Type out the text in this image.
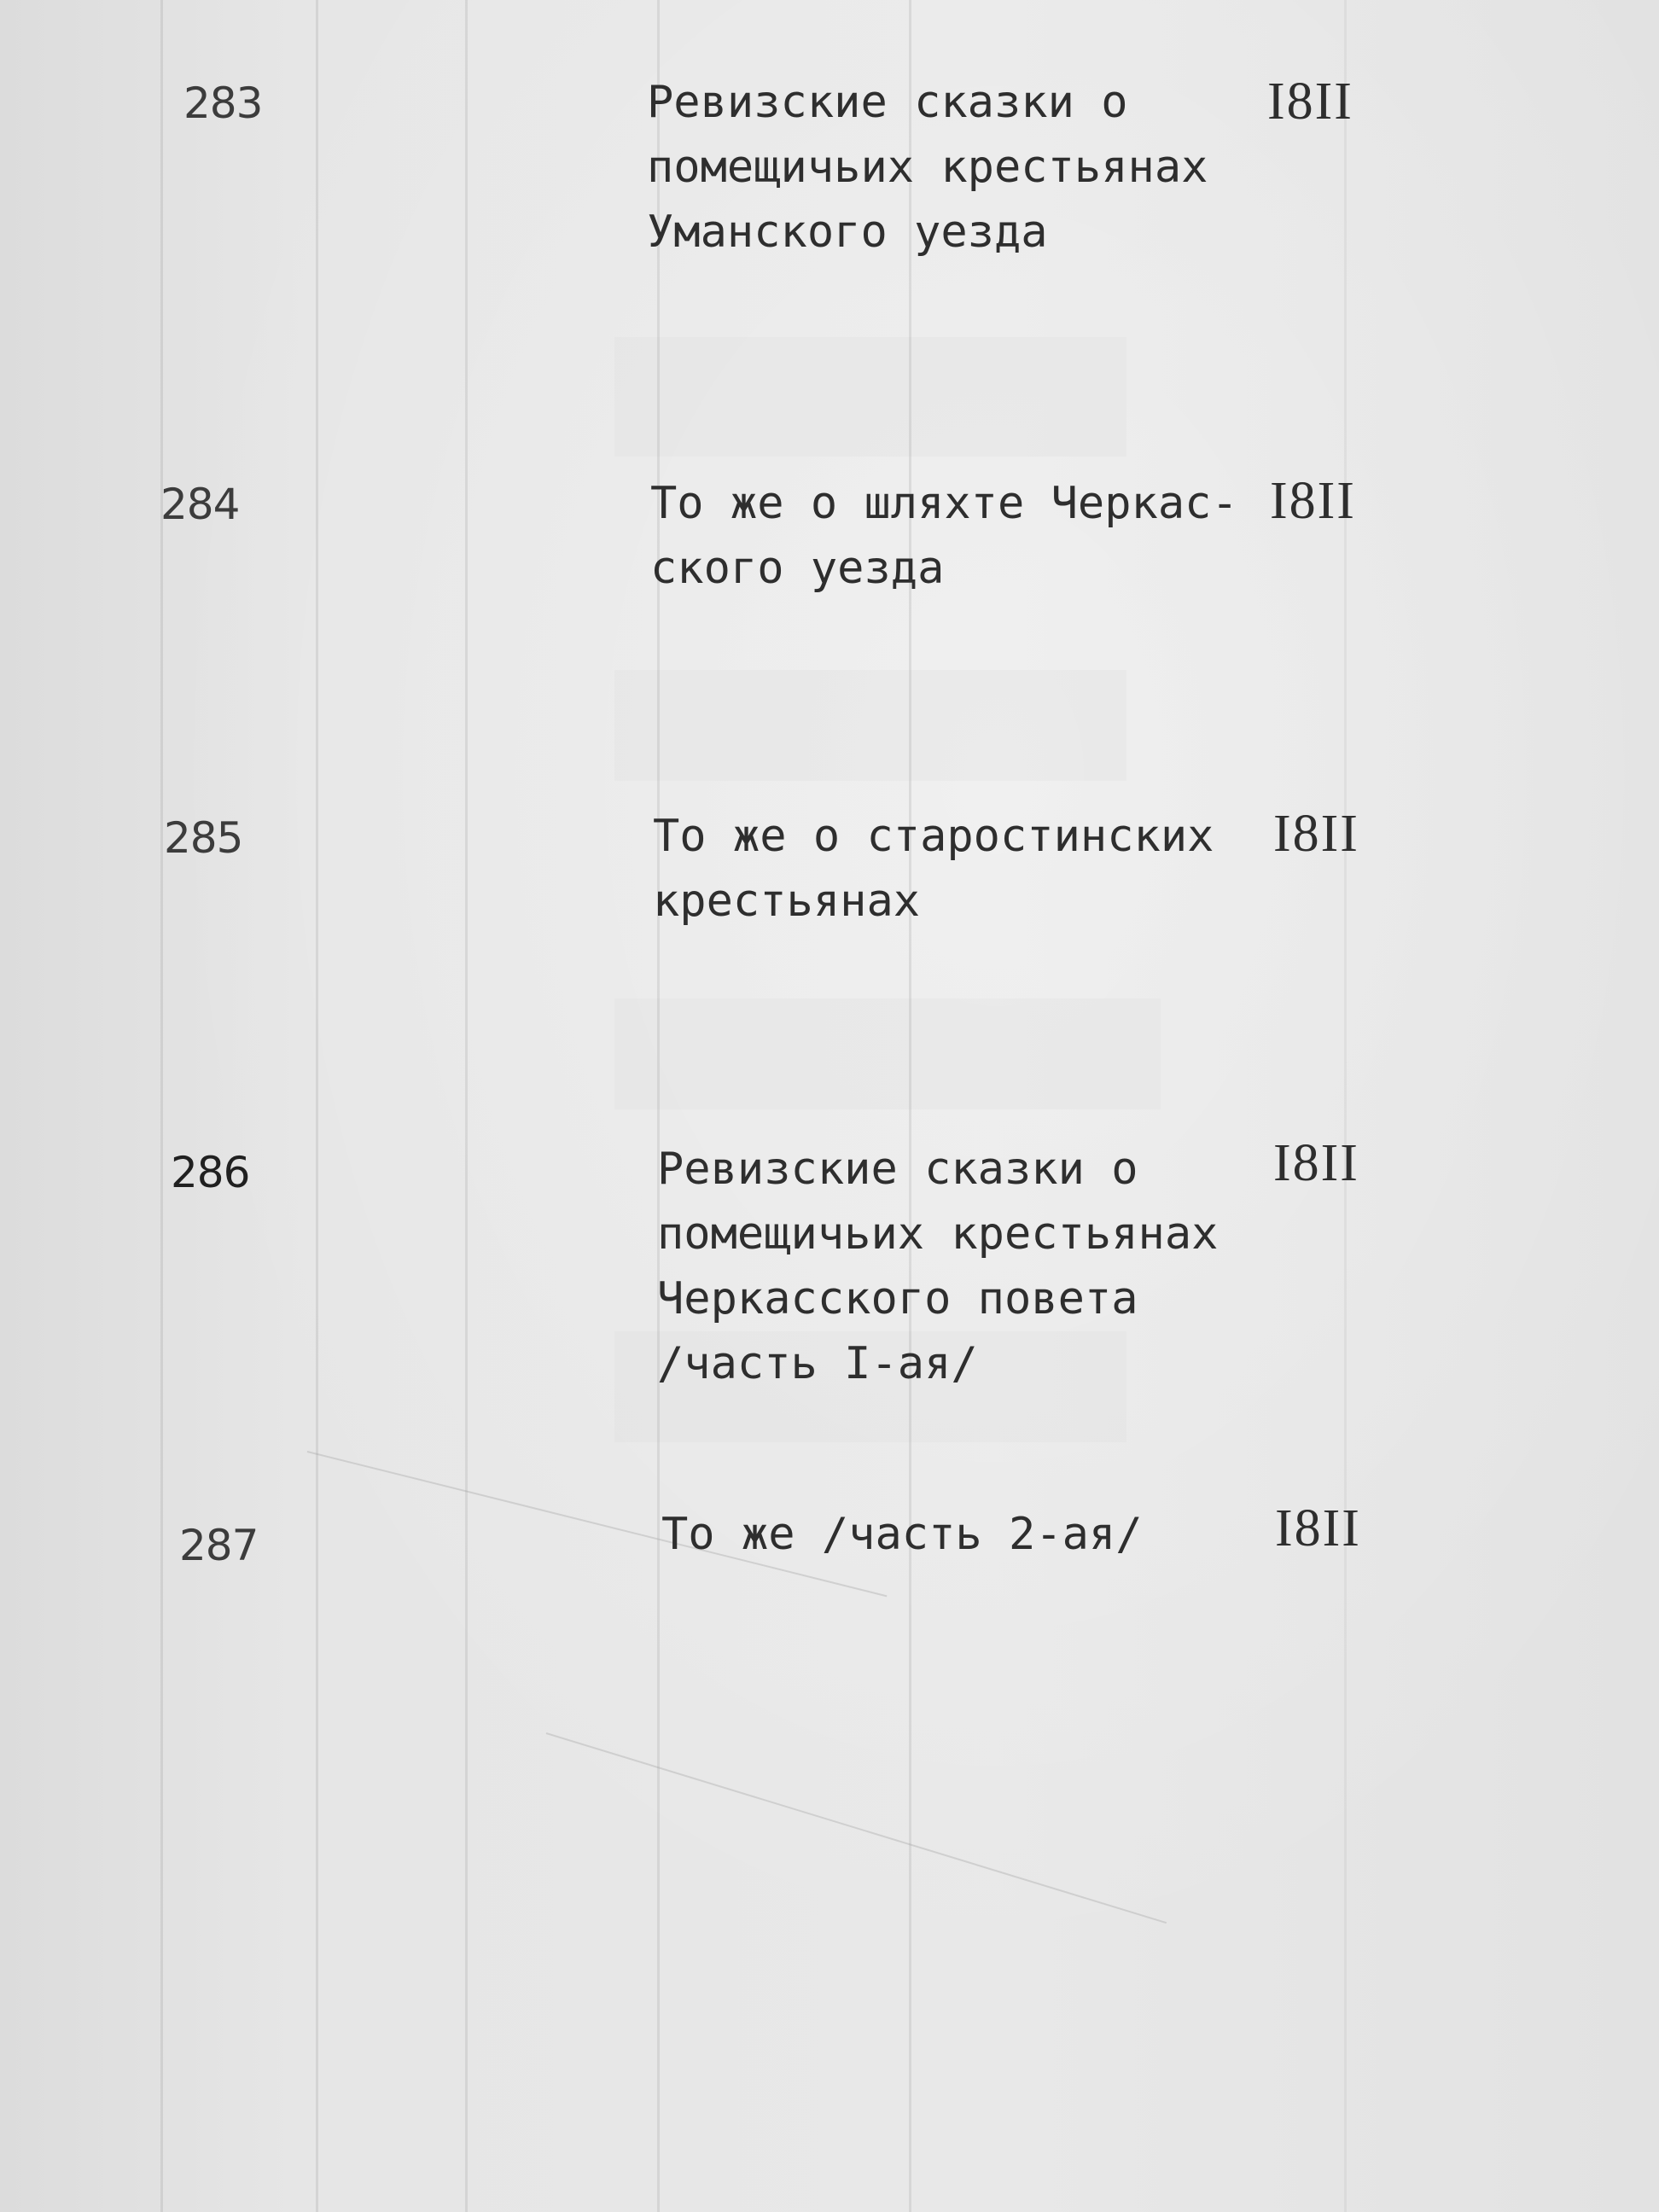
283	Ревизские сказки о
помещичьих крестьянах
Уманского уезда
I8II
284	То же о шляхте Черкас-
ского уезда
I8II
285	То же о старостинских
крестьянах
I8II
286	Ревизские сказки о
помещичьих крестьянах
Черкасского повета
/часть I-ая/
I8II
287	То же /часть 2-ая/	I8II
